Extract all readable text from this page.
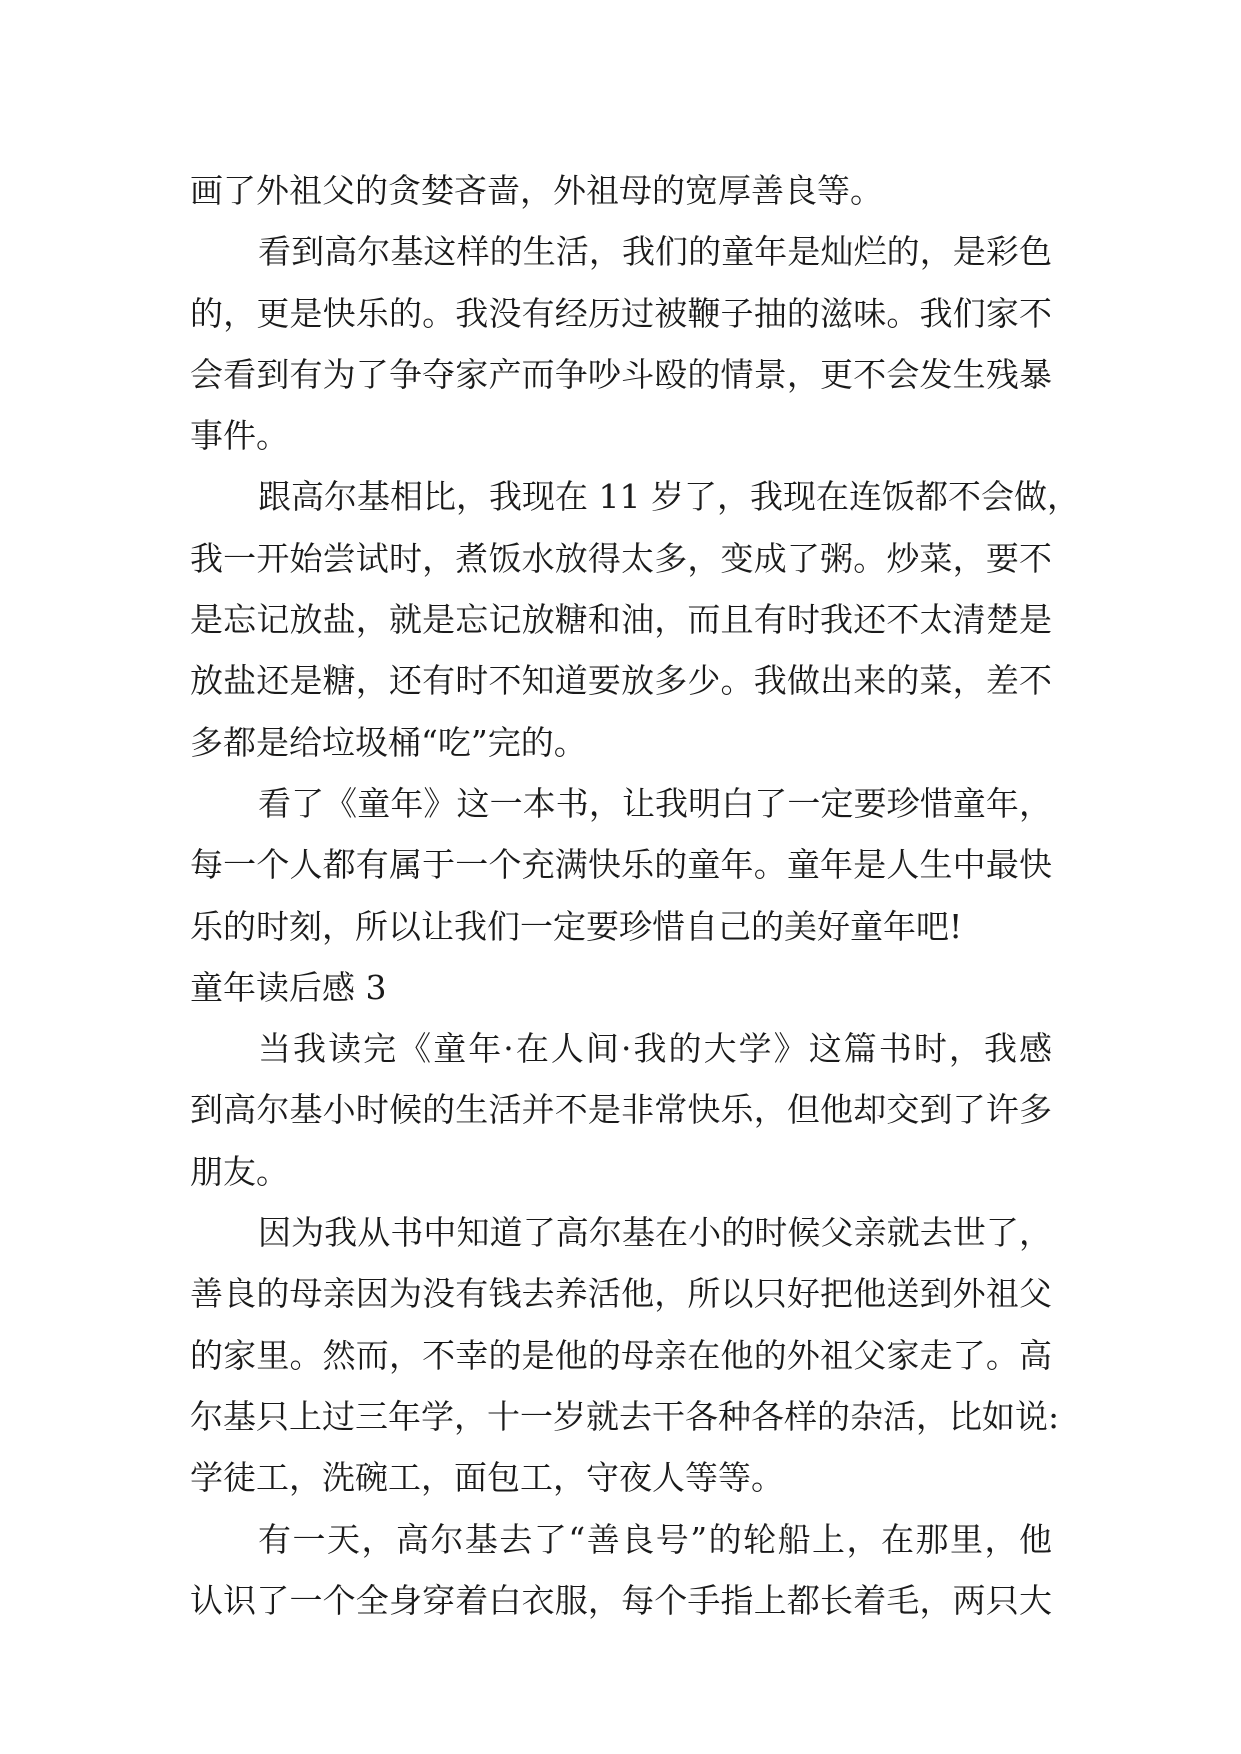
画了外祖父的贪婪吝啬，外祖母的宽厚善良等。
看到高尔基这样的生活，我们的童年是灿烂的，是彩色
的，更是快乐的。我没有经历过被鞭子抽的滋味。我们家不
会看到有为了争夺家产而争吵斗殴的情景，更不会发生残暴
事件。
跟高尔基相比，我现在 11 岁了，我现在连饭都不会做，
我一开始尝试时，煮饭水放得太多，变成了粥。炒菜，要不
是忘记放盐，就是忘记放糖和油，而且有时我还不太清楚是
放盐还是糖，还有时不知道要放多少。我做出来的菜，差不
多都是给垃圾桶“吃”完的。
看了《童年》这一本书，让我明白了一定要珍惜童年，
每一个人都有属于一个充满快乐的童年。童年是人生中最快
乐的时刻，所以让我们一定要珍惜自己的美好童年吧!
童年读后感 3
当我读完《童年·在人间·我的大学》这篇书时，我感
到高尔基小时候的生活并不是非常快乐，但他却交到了许多
朋友。
因为我从书中知道了高尔基在小的时候父亲就去世了，
善良的母亲因为没有钱去养活他，所以只好把他送到外祖父
的家里。然而，不幸的是他的母亲在他的外祖父家走了。高
尔基只上过三年学，十一岁就去干各种各样的杂活，比如说:
学徒工，洗碗工，面包工，守夜人等等。
有一天，高尔基去了“善良号”的轮船上，在那里，他
认识了一个全身穿着白衣服，每个手指上都长着毛，两只大
